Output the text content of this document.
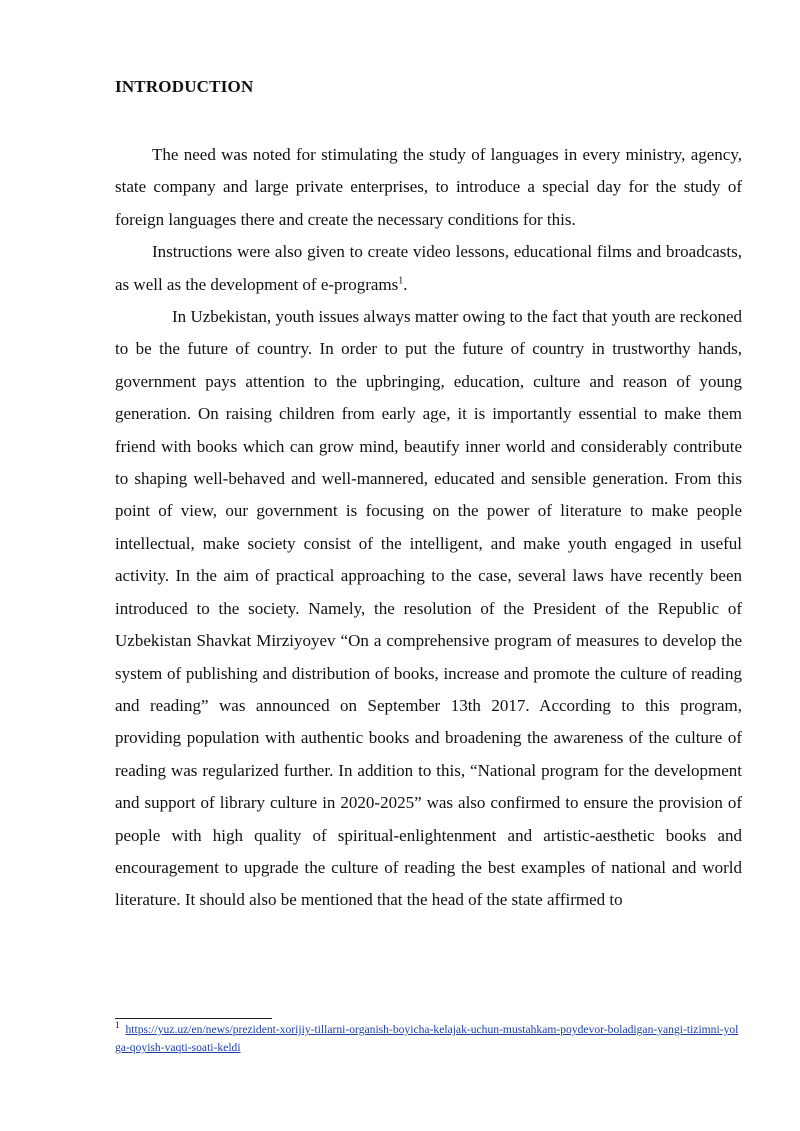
INTRODUCTION

The need was noted for stimulating the study of languages in every ministry, agency, state company and large private enterprises, to introduce a special day for the study of foreign languages there and create the necessary conditions for this.

Instructions were also given to create video lessons, educational films and broadcasts, as well as the development of e-programs$^1$.

In Uzbekistan, youth issues always matter owing to the fact that youth are reckoned to be the future of country. In order to put the future of country in trustworthy hands, government pays attention to the upbringing, education, culture and reason of young generation. On raising children from early age, it is importantly essential to make them friend with books which can grow mind, beautify inner world and considerably contribute to shaping well-behaved and well-mannered, educated and sensible generation. From this point of view, our government is focusing on the power of literature to make people intellectual, make society consist of the intelligent, and make youth engaged in useful activity. In the aim of practical approaching to the case, several laws have recently been introduced to the society. Namely, the resolution of the President of the Republic of Uzbekistan Shavkat Mirziyoyev “On a comprehensive program of measures to develop the system of publishing and distribution of books, increase and promote the culture of reading and reading” was announced on September 13th 2017. According to this program, providing population with authentic books and broadening the awareness of the culture of reading was regularized further. In addition to this, “National program for the development and support of library culture in 2020-2025” was also confirmed to ensure the provision of people with high quality of spiritual-enlightenment and artistic-aesthetic books and encouragement to upgrade the culture of reading the best examples of national and world literature. It should also be mentioned that the head of the state affirmed to

$^1$ https://yuz.uz/en/news/prezident-xorijiy-tillarni-organish-boyicha-kelajak-uchun-mustahkam-poydevor-boladigan-yangi-tizimni-yolga-qoyish-vaqti-soati-keldi
